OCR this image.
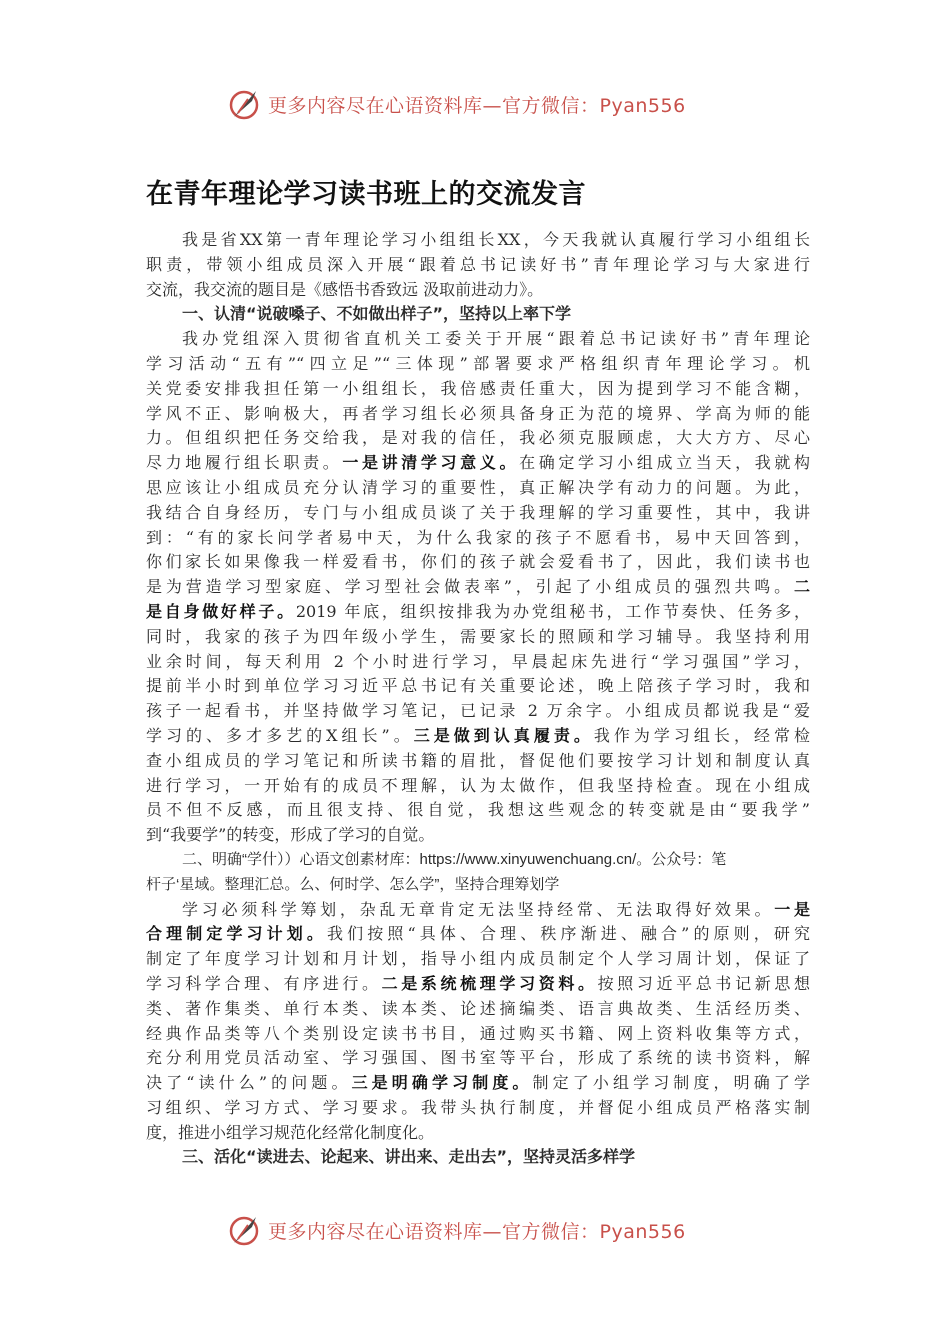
更多内容尽在心语资料库—官方微信：Pyan556
在青年理论学习读书班上的交流发言
我是省XX第一青年理论学习小组组长XX，今天我就认真履行学习小组组长
职责，带领小组成员深入开展“跟着总书记读好书”青年理论学习与大家进行
交流，我交流的题目是《感悟书香致远 汲取前进动力》。
一、认清“说破嗓子、不如做出样子”，坚持以上率下学
我办党组深入贯彻省直机关工委关于开展“跟着总书记读好书”青年理论
学习活动“五有”“四立足”“三体现”部署要求严格组织青年理论学习。机
关党委安排我担任第一小组组长，我倍感责任重大，因为提到学习不能含糊，
学风不正、影响极大，再者学习组长必须具备身正为范的境界、学高为师的能
力。但组织把任务交给我，是对我的信任，我必须克服顾虑，大大方方、尽心
尽力地履行组长职责。一是讲清学习意义。在确定学习小组成立当天，我就构
思应该让小组成员充分认清学习的重要性，真正解决学有动力的问题。为此，
我结合自身经历，专门与小组成员谈了关于我理解的学习重要性，其中，我讲
到：“有的家长问学者易中天，为什么我家的孩子不愿看书，易中天回答到，
你们家长如果像我一样爱看书，你们的孩子就会爱看书了，因此，我们读书也
是为营造学习型家庭、学习型社会做表率”，引起了小组成员的强烈共鸣。二
是自身做好样子。2019 年底，组织按排我为办党组秘书，工作节奏快、任务多，
同时，我家的孩子为四年级小学生，需要家长的照顾和学习辅导。我坚持利用
业余时间，每天利用 2 个小时进行学习，早晨起床先进行“学习强国”学习，
提前半小时到单位学习习近平总书记有关重要论述，晚上陪孩子学习时，我和
孩子一起看书，并坚持做学习笔记，已记录 2 万余字。小组成员都说我是“爱
学习的、多才多艺的X组长”。三是做到认真履责。我作为学习组长，经常检
查小组成员的学习笔记和所读书籍的眉批，督促他们要按学习计划和制度认真
进行学习，一开始有的成员不理解，认为太做作，但我坚持检查。现在小组成
员不但不反感，而且很支持、很自觉，我想这些观念的转变就是由“要我学”
到“我要学”的转变，形成了学习的自觉。
二、明确“学什））心语文创素材库：https://www.xinyuwenchuang.cn/。公众号：笔
杆子‘星域。整理汇总。么、何时学、怎么学”，坚持合理筹划学
学习必须科学筹划，杂乱无章肯定无法坚持经常、无法取得好效果。一是
合理制定学习计划。我们按照“具体、合理、秩序渐进、融合”的原则，研究
制定了年度学习计划和月计划，指导小组内成员制定个人学习周计划，保证了
学习科学合理、有序进行。二是系统梳理学习资料。按照习近平总书记新思想
类、著作集类、单行本类、读本类、论述摘编类、语言典故类、生活经历类、
经典作品类等八个类别设定读书书目，通过购买书籍、网上资料收集等方式，
充分利用党员活动室、学习强国、图书室等平台，形成了系统的读书资料，解
决了“读什么”的问题。三是明确学习制度。制定了小组学习制度，明确了学
习组织、学习方式、学习要求。我带头执行制度，并督促小组成员严格落实制
度，推进小组学习规范化经常化制度化。
三、活化“读进去、论起来、讲出来、走出去”，坚持灵活多样学
更多内容尽在心语资料库—官方微信：Pyan556
